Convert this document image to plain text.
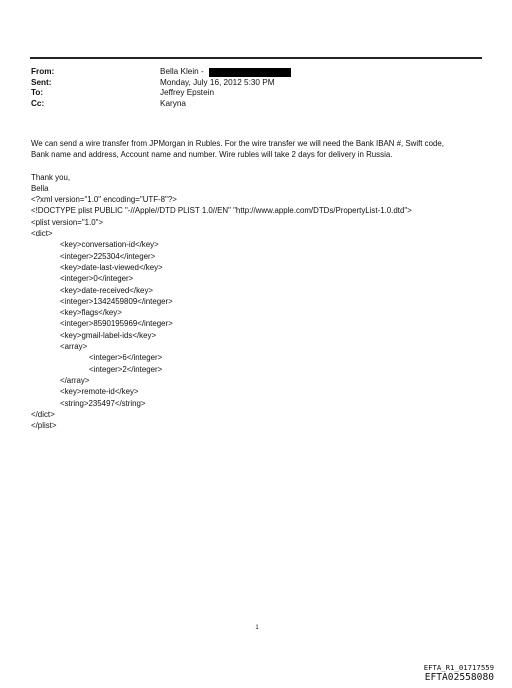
From:	Bella Klein -
Sent:	Monday, July 16, 2012 5:30 PM
To:	Jeffrey Epstein
Cc:	Karyna
We can send a wire transfer from JPMorgan in Rubles. For the wire transfer we will need the Bank IBAN #, Swift code,
Bank name and address, Account name and number. Wire rubles will take 2 days for delivery in Russia.
Thank you,
Bella
<?xml version="1.0" encoding="UTF-8"?>
<!DOCTYPE plist PUBLIC "-//Apple//DTD PLIST 1.0//EN" "http://www.apple.com/DTDs/PropertyList-1.0.dtd">
<plist version="1.0">
<dict>
<key>conversation-id</key>
<integer>225304</integer>
<key>date-last-viewed</key>
<integer>0</integer>
<key>date-received</key>
<integer>1342459809</integer>
<key>flags</key>
<integer>8590195969</integer>
<key>gmail-label-ids</key>
<array>
<integer>6</integer>
<integer>2</integer>
</array>
<key>remote-id</key>
<string>235497</string>
</dict>
</plist>
1
EFTA_R1_01717559
EFTA02558080
